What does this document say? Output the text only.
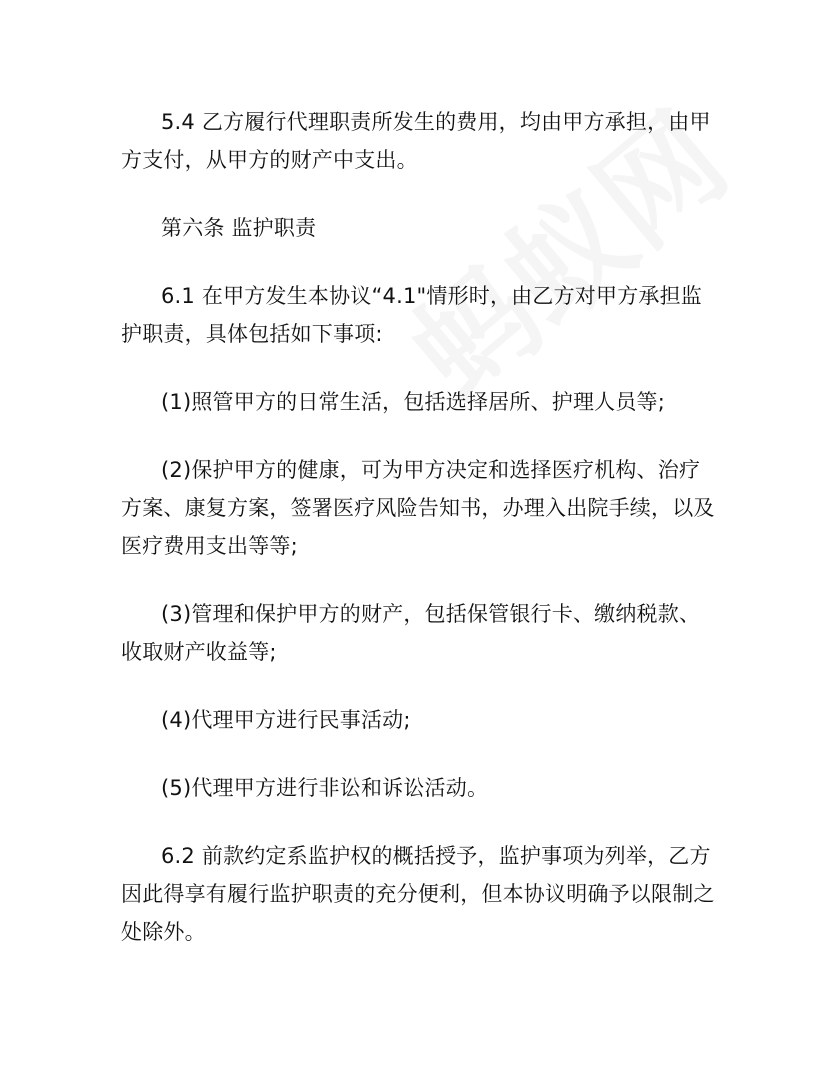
5.4 乙方履行代理职责所发生的费用，均由甲方承担，由甲方支付，从甲方的财产中支出。

第六条 监护职责

6.1 在甲方发生本协议“4.1"情形时，由乙方对甲方承担监护职责，具体包括如下事项:

(1)照管甲方的日常生活，包括选择居所、护理人员等;

(2)保护甲方的健康，可为甲方决定和选择医疗机构、治疗方案、康复方案，签署医疗风险告知书，办理入出院手续，以及医疗费用支出等等;

(3)管理和保护甲方的财产，包括保管银行卡、缴纳税款、收取财产收益等;

(4)代理甲方进行民事活动;

(5)代理甲方进行非讼和诉讼活动。

6.2 前款约定系监护权的概括授予，监护事项为列举，乙方因此得享有履行监护职责的充分便利，但本协议明确予以限制之处除外。
